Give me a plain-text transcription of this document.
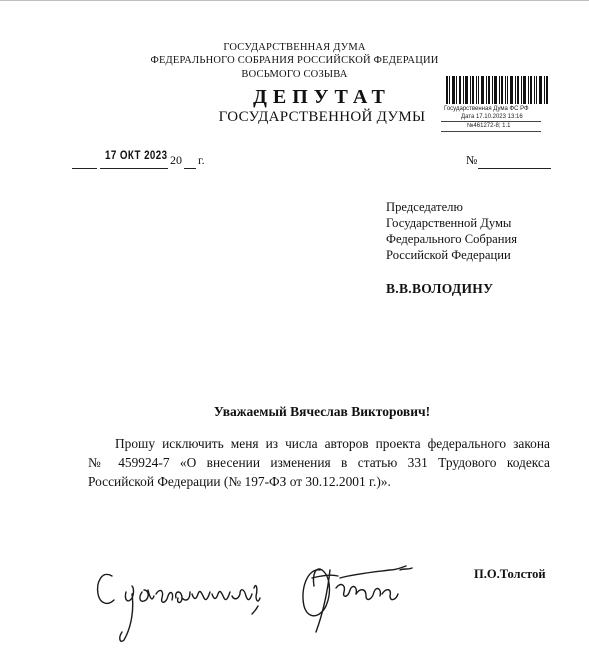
ГОСУДАРСТВЕННАЯ ДУМА
ФЕДЕРАЛЬНОГО СОБРАНИЯ РОССИЙСКОЙ ФЕДЕРАЦИИ
ВОСЬМОГО СОЗЫВА
ДЕПУТАТ
ГОСУДАРСТВЕННОЙ ДУМЫ	Государственная Дума ФС РФ
Дата 17.10.2023 13:16
№461272-8; 1.1
17 ОКТ 2023 20 г.	№
Председателю
Государственной Думы
Федерального Собрания
Российской Федерации
В.В.ВОЛОДИНУ
Уважаемый Вячеслав Викторович!
Прошу исключить меня из числа авторов проекта федерального закона
№ 459924-7 «О внесении изменения в статью 331 Трудового кодекса
Российской Федерации (№ 197-ФЗ от 30.12.2001 г.)».
П.О.Толстой
